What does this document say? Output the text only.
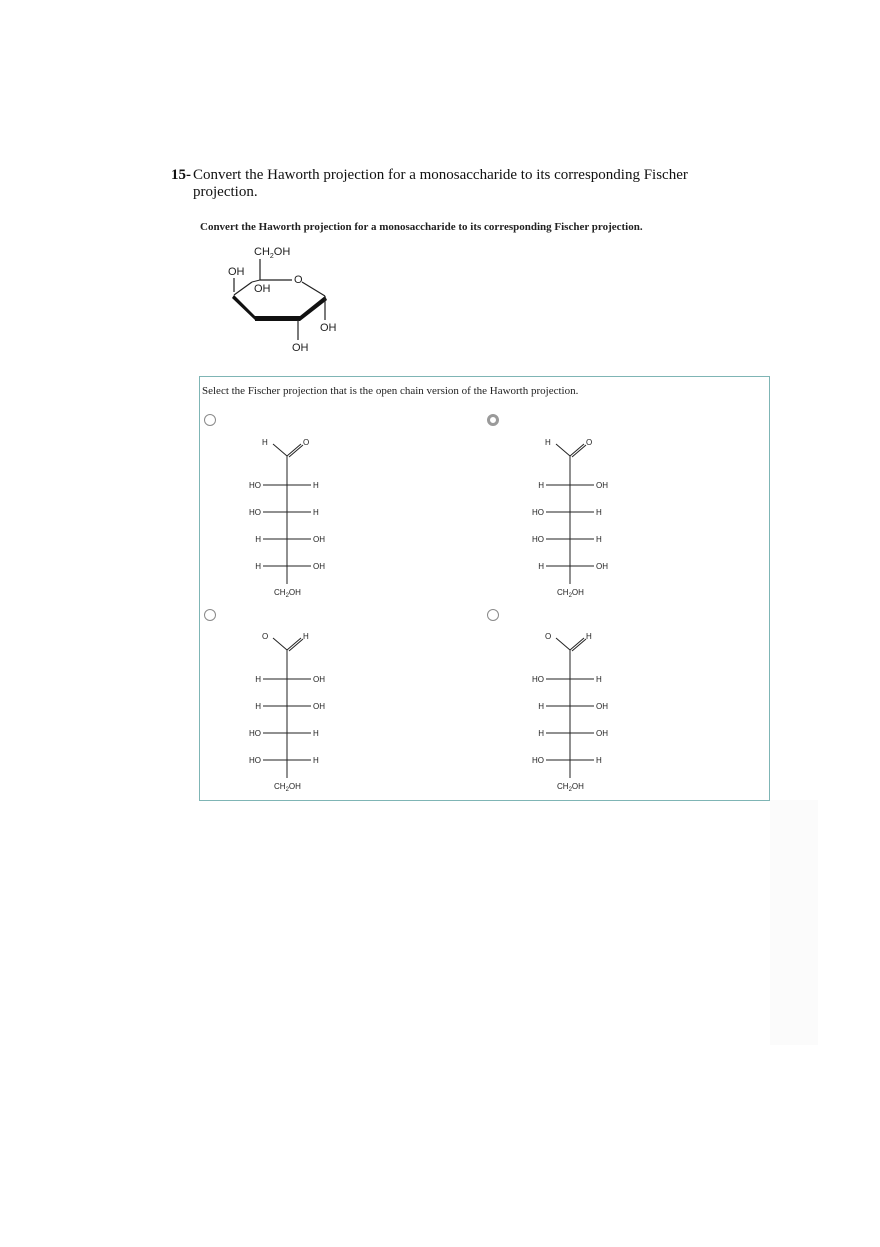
15- Convert the Haworth projection for a monosaccharide to its corresponding Fischer projection.
Convert the Haworth projection for a monosaccharide to its corresponding Fischer projection.
$CH_2OH$
OH
OH
O
OH
OH
Select the Fischer projection that is the open chain version of the Haworth projection.
H	O
HO	H
HO	H
H	OH
H	OH
$CH_2OH$
H	O
H	OH
HO	H
HO	H
H	OH
$CH_2OH$
O	H
H	OH
H	OH
HO	H
HO	H
$CH_2OH$
O	H
HO	H
H	OH
H	OH
HO	H
$CH_2OH$
